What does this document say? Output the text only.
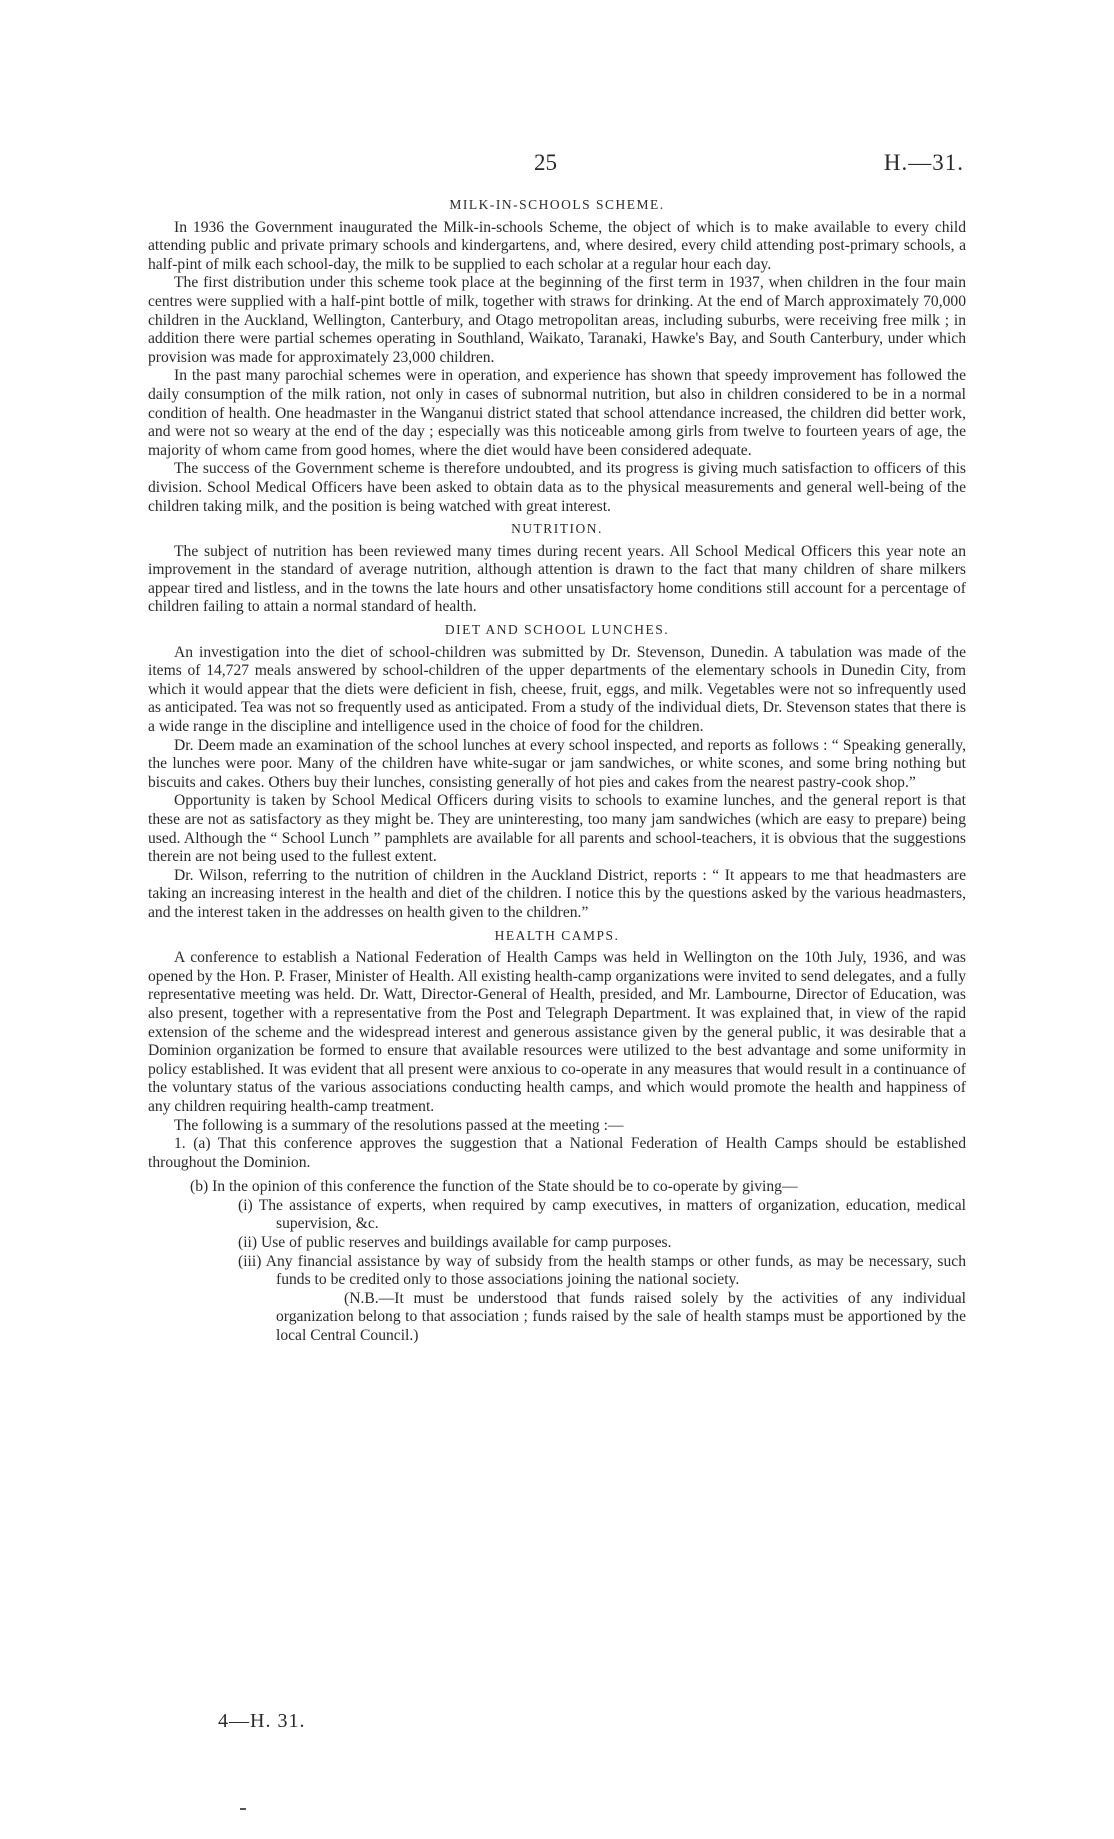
25	H.—31.
MILK-IN-SCHOOLS SCHEME.

In 1936 the Government inaugurated the Milk-in-schools Scheme, the object of which is to make available to every child attending public and private primary schools and kindergartens, and, where desired, every child attending post-primary schools, a half-pint of milk each school-day, the milk to be supplied to each scholar at a regular hour each day.

The first distribution under this scheme took place at the beginning of the first term in 1937, when children in the four main centres were supplied with a half-pint bottle of milk, together with straws for drinking. At the end of March approximately 70,000 children in the Auckland, Wellington, Canterbury, and Otago metropolitan areas, including suburbs, were receiving free milk ; in addition there were partial schemes operating in Southland, Waikato, Taranaki, Hawke's Bay, and South Canterbury, under which provision was made for approximately 23,000 children.

In the past many parochial schemes were in operation, and experience has shown that speedy improvement has followed the daily consumption of the milk ration, not only in cases of subnormal nutrition, but also in children considered to be in a normal condition of health. One headmaster in the Wanganui district stated that school attendance increased, the children did better work, and were not so weary at the end of the day ; especially was this noticeable among girls from twelve to fourteen years of age, the majority of whom came from good homes, where the diet would have been considered adequate.

The success of the Government scheme is therefore undoubted, and its progress is giving much satisfaction to officers of this division. School Medical Officers have been asked to obtain data as to the physical measurements and general well-being of the children taking milk, and the position is being watched with great interest.

NUTRITION.

The subject of nutrition has been reviewed many times during recent years. All School Medical Officers this year note an improvement in the standard of average nutrition, although attention is drawn to the fact that many children of share milkers appear tired and listless, and in the towns the late hours and other unsatisfactory home conditions still account for a percentage of children failing to attain a normal standard of health.

DIET AND SCHOOL LUNCHES.

An investigation into the diet of school-children was submitted by Dr. Stevenson, Dunedin. A tabulation was made of the items of 14,727 meals answered by school-children of the upper departments of the elementary schools in Dunedin City, from which it would appear that the diets were deficient in fish, cheese, fruit, eggs, and milk. Vegetables were not so infrequently used as anticipated. Tea was not so frequently used as anticipated. From a study of the individual diets, Dr. Stevenson states that there is a wide range in the discipline and intelligence used in the choice of food for the children.

Dr. Deem made an examination of the school lunches at every school inspected, and reports as follows : “ Speaking generally, the lunches were poor. Many of the children have white-sugar or jam sandwiches, or white scones, and some bring nothing but biscuits and cakes. Others buy their lunches, consisting generally of hot pies and cakes from the nearest pastry-cook shop.”

Opportunity is taken by School Medical Officers during visits to schools to examine lunches, and the general report is that these are not as satisfactory as they might be. They are uninteresting, too many jam sandwiches (which are easy to prepare) being used. Although the “ School Lunch ” pamphlets are available for all parents and school-teachers, it is obvious that the suggestions therein are not being used to the fullest extent.

Dr. Wilson, referring to the nutrition of children in the Auckland District, reports : “ It appears to me that headmasters are taking an increasing interest in the health and diet of the children. I notice this by the questions asked by the various headmasters, and the interest taken in the addresses on health given to the children.”

HEALTH CAMPS.

A conference to establish a National Federation of Health Camps was held in Wellington on the 10th July, 1936, and was opened by the Hon. P. Fraser, Minister of Health. All existing health-camp organizations were invited to send delegates, and a fully representative meeting was held. Dr. Watt, Director-General of Health, presided, and Mr. Lambourne, Director of Education, was also present, together with a representative from the Post and Telegraph Department. It was explained that, in view of the rapid extension of the scheme and the widespread interest and generous assistance given by the general public, it was desirable that a Dominion organization be formed to ensure that available resources were utilized to the best advantage and some uniformity in policy established. It was evident that all present were anxious to co-operate in any measures that would result in a continuance of the voluntary status of the various associations conducting health camps, and which would promote the health and happiness of any children requiring health-camp treatment.

The following is a summary of the resolutions passed at the meeting :—

1. (a) That this conference approves the suggestion that a National Federation of Health Camps should be established throughout the Dominion.

(b) In the opinion of this conference the function of the State should be to co-operate by giving—

(i) The assistance of experts, when required by camp executives, in matters of organization, education, medical supervision, &c.

(ii) Use of public reserves and buildings available for camp purposes.

(iii) Any financial assistance by way of subsidy from the health stamps or other funds, as may be necessary, such funds to be credited only to those associations joining the national society.

(N.B.—It must be understood that funds raised solely by the activities of any individual organization belong to that association ; funds raised by the sale of health stamps must be apportioned by the local Central Council.)

4—H. 31.
